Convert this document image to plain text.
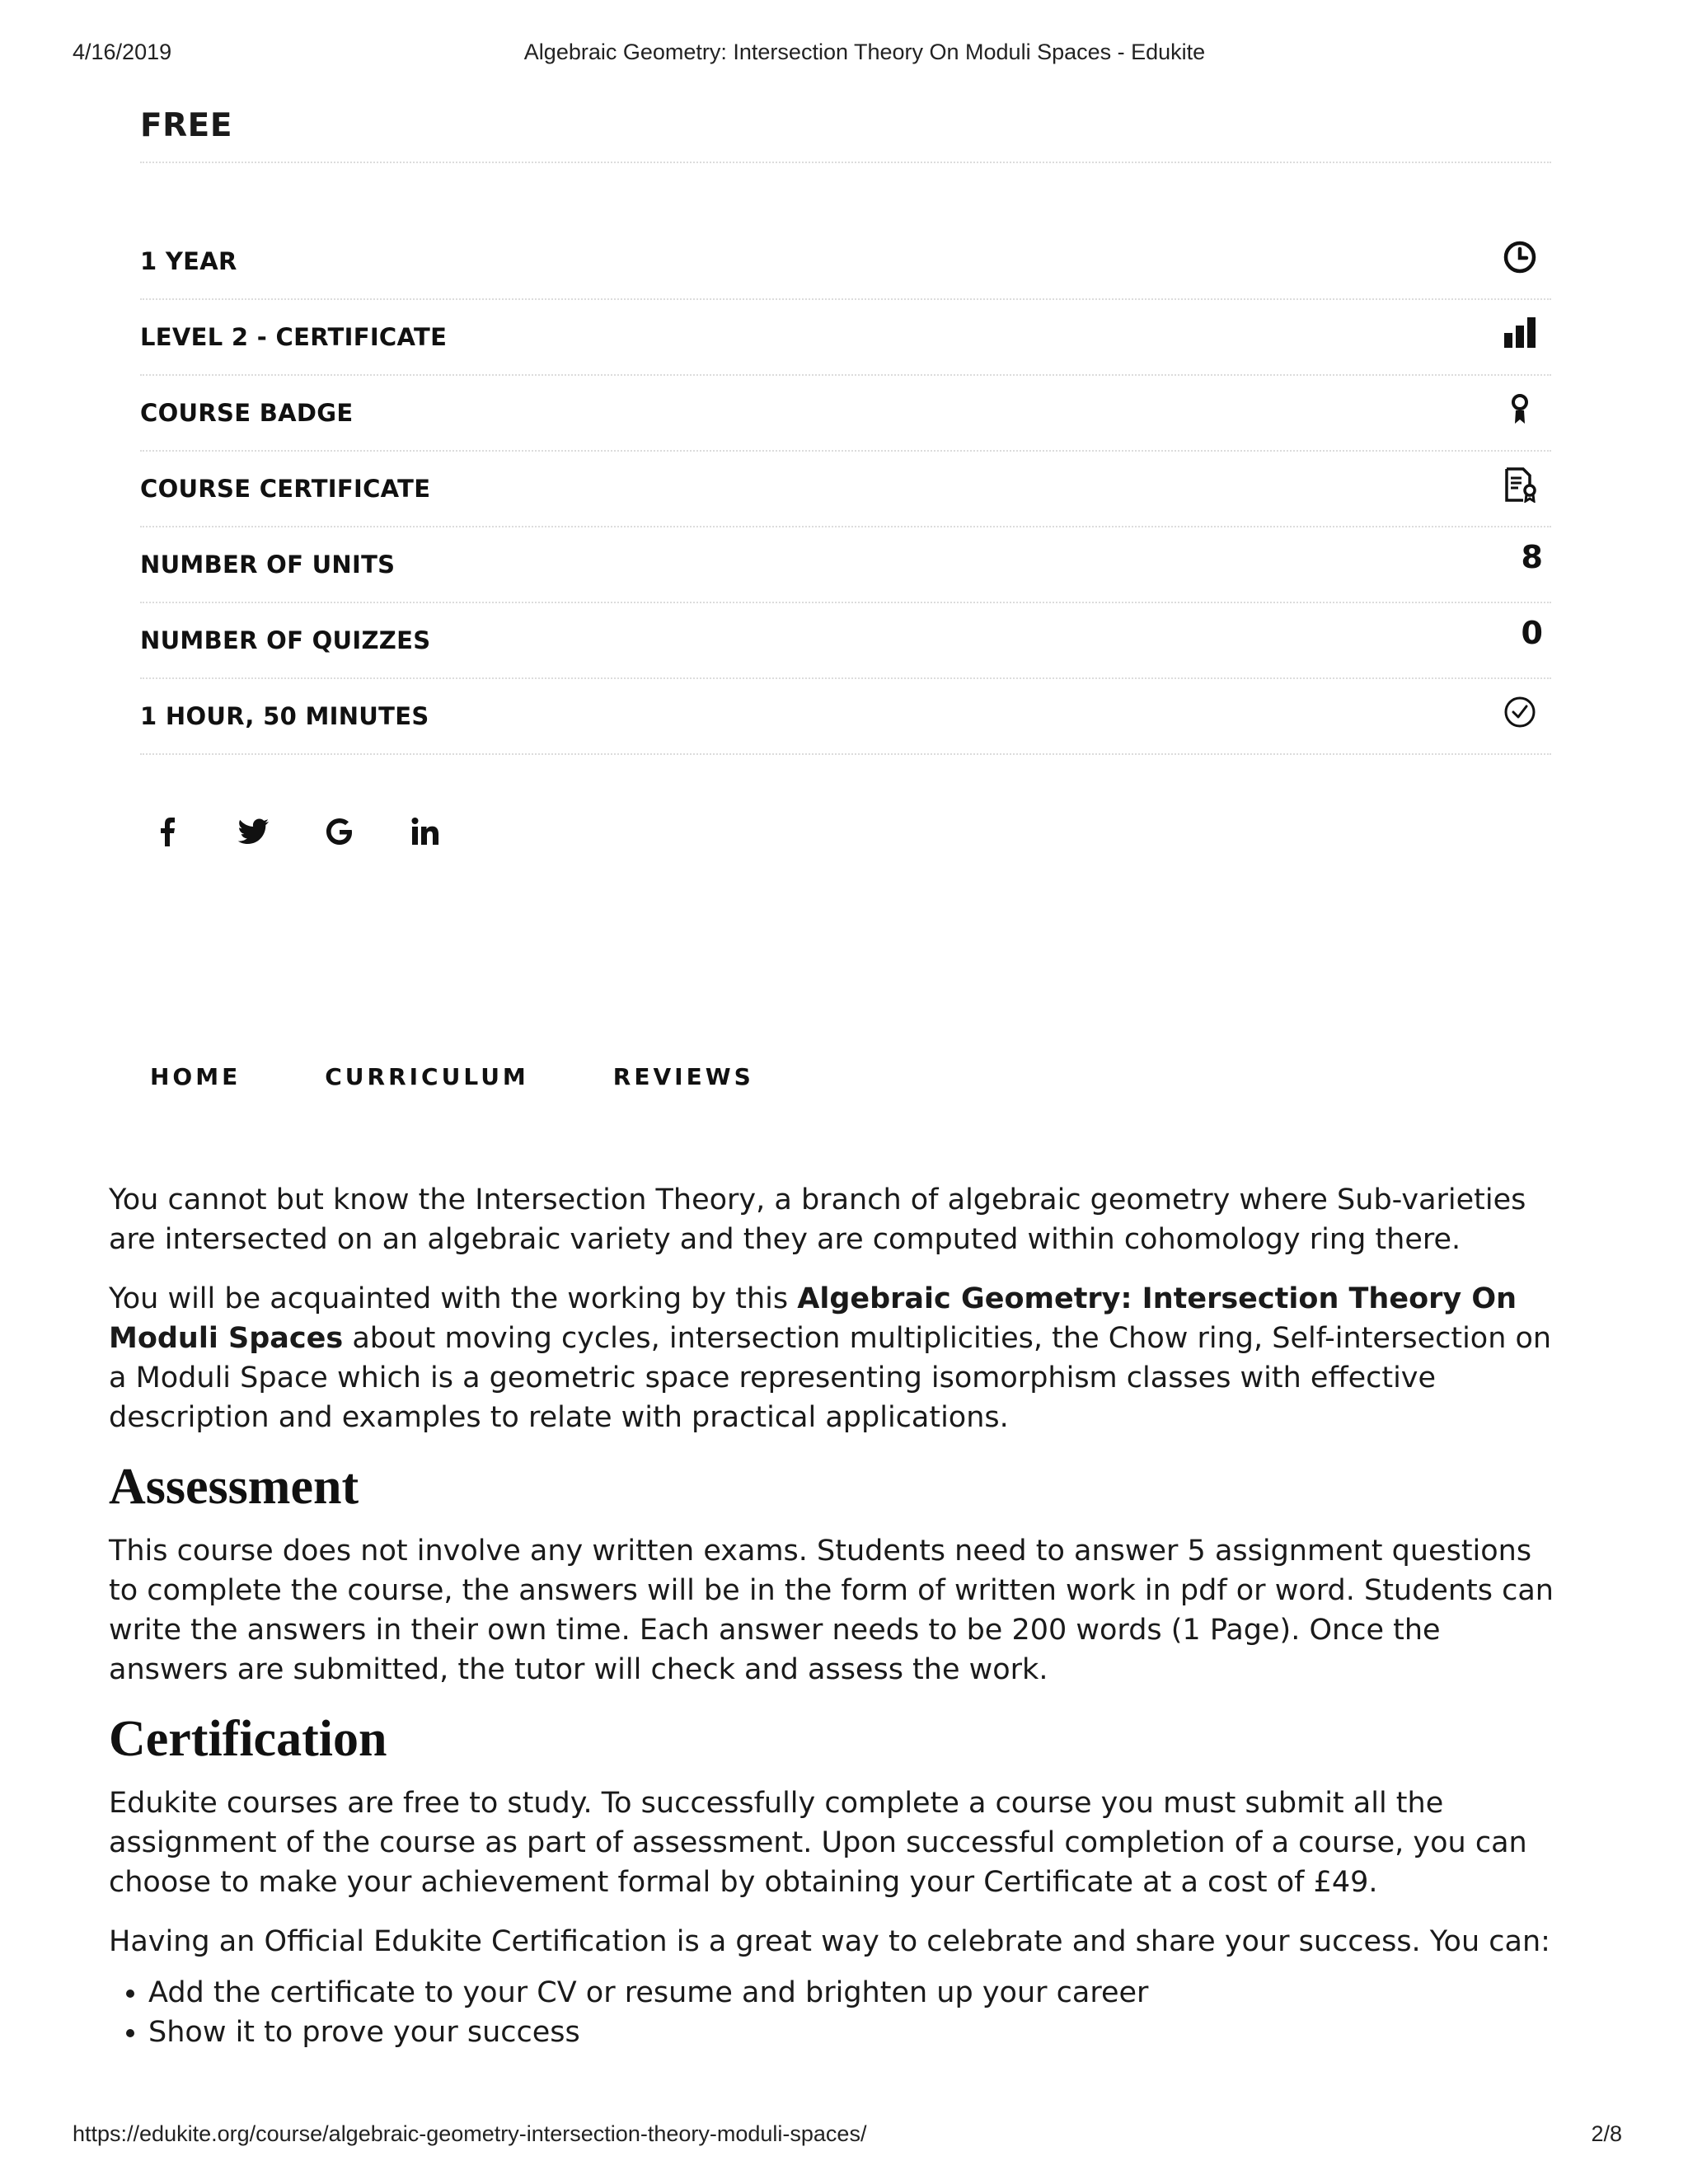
4/16/2019	Algebraic Geometry: Intersection Theory On Moduli Spaces - Edukite
FREE
1 YEAR
LEVEL 2 - CERTIFICATE
COURSE BADGE
COURSE CERTIFICATE
NUMBER OF UNITS	8
NUMBER OF QUIZZES	0
1 HOUR, 50 MINUTES
HOME	CURRICULUM	REVIEWS

You cannot but know the Intersection Theory, a branch of algebraic geometry where Sub-varieties are intersected on an algebraic variety and they are computed within cohomology ring there.

You will be acquainted with the working by this Algebraic Geometry: Intersection Theory On Moduli Spaces about moving cycles, intersection multiplicities, the Chow ring, Self-intersection on a Moduli Space which is a geometric space representing isomorphism classes with effective description and examples to relate with practical applications.

Assessment

This course does not involve any written exams. Students need to answer 5 assignment questions to complete the course, the answers will be in the form of written work in pdf or word. Students can write the answers in their own time. Each answer needs to be 200 words (1 Page). Once the answers are submitted, the tutor will check and assess the work.

Certification

Edukite courses are free to study. To successfully complete a course you must submit all the assignment of the course as part of assessment. Upon successful completion of a course, you can choose to make your achievement formal by obtaining your Certificate at a cost of £49.

Having an Official Edukite Certification is a great way to celebrate and share your success. You can:

• Add the certificate to your CV or resume and brighten up your career
• Show it to prove your success
https://edukite.org/course/algebraic-geometry-intersection-theory-moduli-spaces/	2/8
